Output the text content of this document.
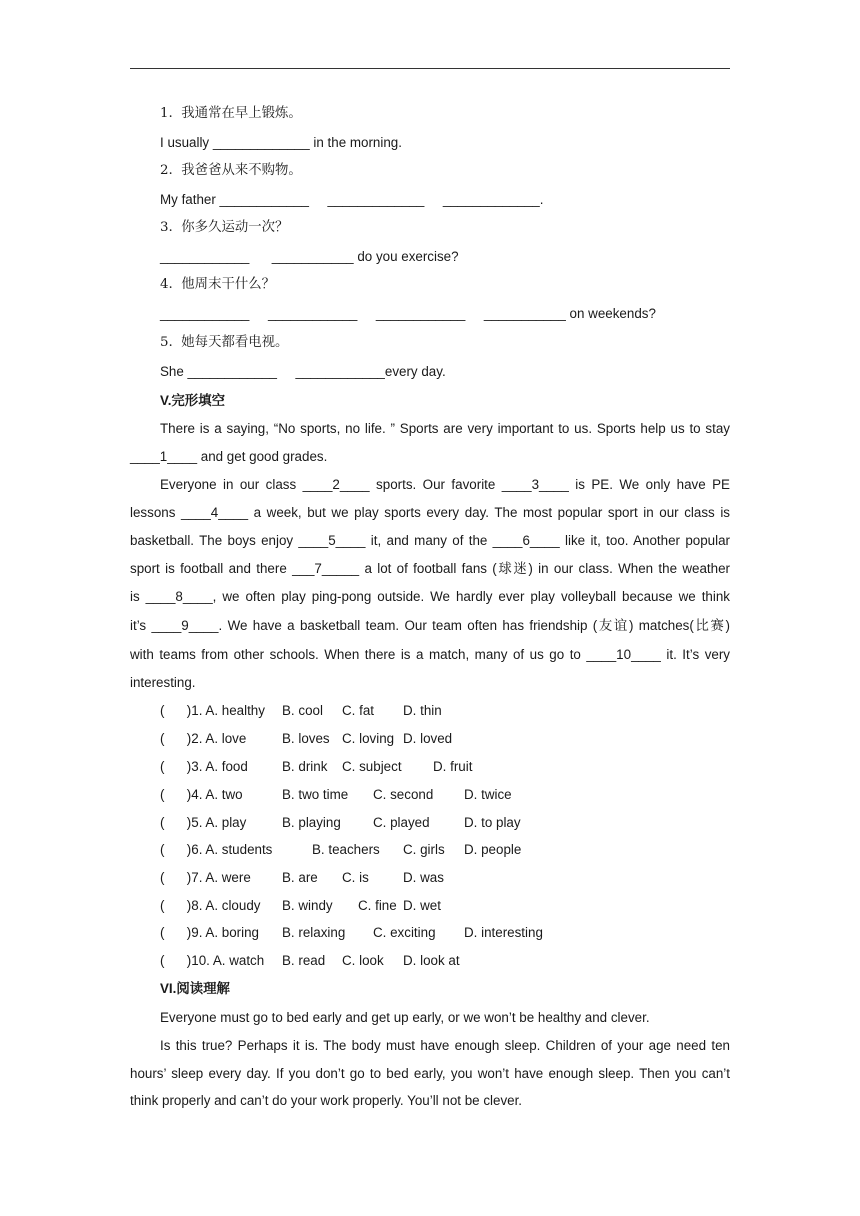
1.  我通常在早上锻炼。
I usually _____________ in the morning.
2.  我爸爸从来不购物。
My father ____________     _____________     _____________.
3.  你多久运动一次？
____________      ___________ do you exercise?
4.  他周末干什么？
____________     ____________     ____________     ___________ on weekends?
5.  她每天都看电视。
She ____________     ____________every day.
V.完形填空
There is a saying, “No sports, no life. ” Sports are very important to us. Sports help us to stay
____1____ and get good grades.
Everyone in our class ____2____ sports. Our favorite ____3____ is PE. We only have PE
lessons ____4____ a week, but we play sports every day. The most popular sport in our class is
basketball. The boys enjoy ____5____ it, and many of the ____6____ like it, too. Another popular
sport is football and there ___7_____ a lot of football fans (球迷) in our class. When the weather
is ____8____, we often play ping-pong outside. We hardly ever play volleyball because we think
it’s ____9____. We have a basketball team. Our team often has friendship (友谊) matches(比赛)
with teams from other schools. When there is a match, many of us go to ____10____ it. It’s very
interesting.
(      )1. A. healthy B. cool C. fat D. thin
(      )2. A. love	B. loves C. loving D. loved
(      )3. A. food	B. drink C. subject D. fruit
(      )4. A. two	B. two time C. second D. twice
(      )5. A. play	B. playing C. played	D. to play
(      )6. A. students	B. teachers C. girls D. people
(      )7. A. were B. are C. is	D. was
(      )8. A. cloudy B. windy C. fine D. wet
(      )9. A. boring B. relaxing C. exciting D. interesting
(      )10. A. watch B. read C. look D. look at
VI.阅读理解
Everyone must go to bed early and get up early, or we won’t be healthy and clever.
Is this true? Perhaps it is. The body must have enough sleep. Children of your age need ten
hours’ sleep every day. If you don’t go to bed early, you won’t have enough sleep. Then you can’t
think properly and can’t do your work properly. You’ll not be clever.
